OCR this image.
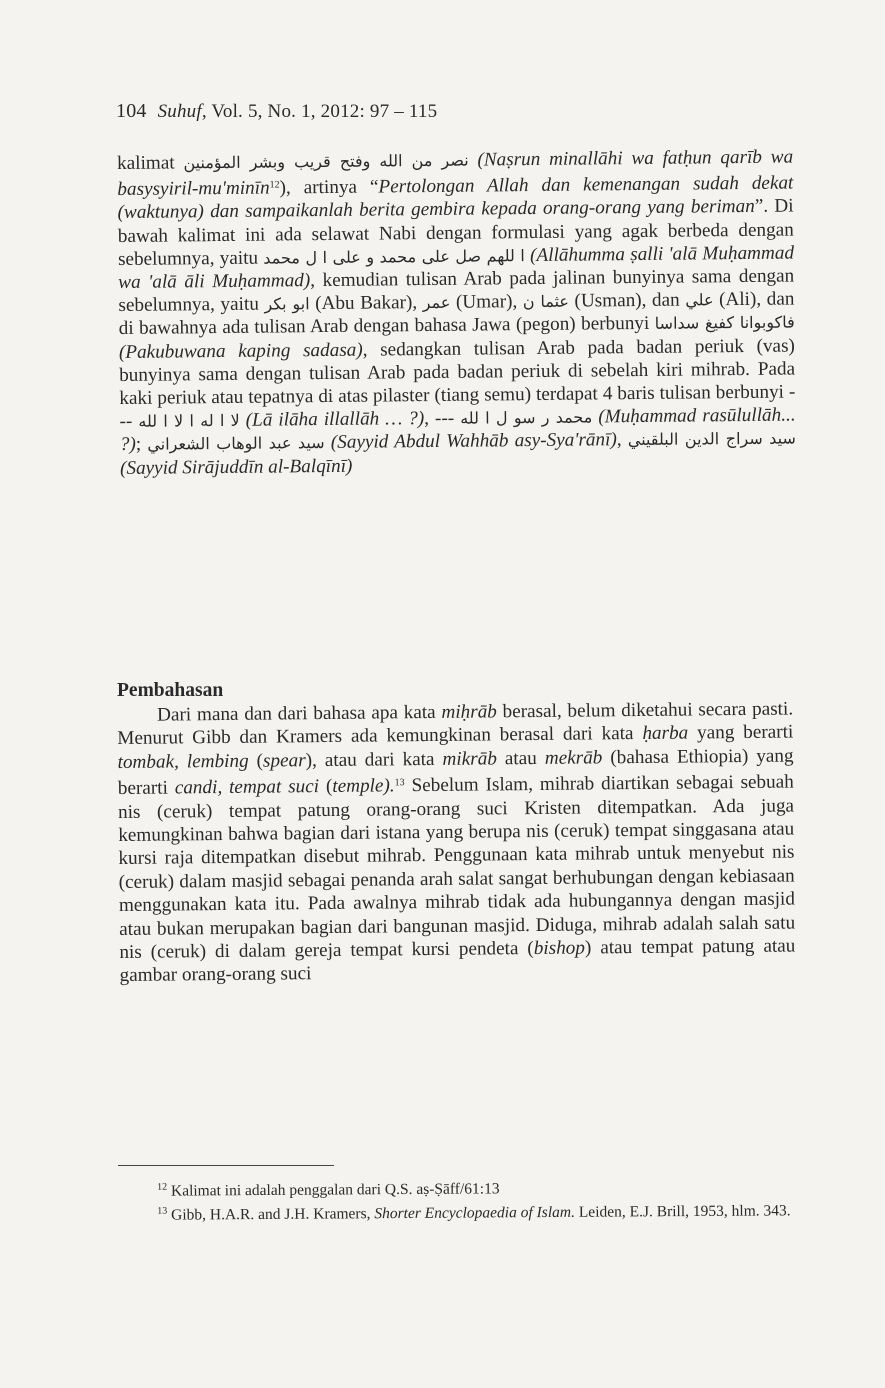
104 Suhuf, Vol. 5, No. 1, 2012: 97 – 115
kalimat نصر من الله وفتح قريب وبشر المؤمنين (Naṣrun minallāhi wa fatḥun qarīb wa basysyiril-mu'minīn$^{12}$), artinya “Pertolongan Allah dan kemenangan sudah dekat (waktunya) dan sampaikanlah berita gembira kepada orang-orang yang beriman”. Di bawah kalimat ini ada selawat Nabi dengan formulasi yang agak berbeda dengan sebelumnya, yaitu ا للهم صل على محمد و على ا ل محمد (Allāhumma ṣalli 'alā Muḥammad wa 'alā āli Muḥammad), kemudian tulisan Arab pada jalinan bunyinya sama dengan sebelumnya, yaitu ابو بكر (Abu Bakar), عمر (Umar), عثما ن (Usman), dan علي (Ali), dan di bawahnya ada tulisan Arab dengan bahasa Jawa (pegon) berbunyi فاكوبوانا كفيغ سداسا (Pakubuwana kaping sadasa), sedangkan tulisan Arab pada badan periuk (vas) bunyinya sama dengan tulisan Arab pada badan periuk di sebelah kiri mihrab. Pada kaki periuk atau tepatnya di atas pilaster (tiang semu) terdapat 4 baris tulisan berbunyi --- لا ا له ا لا ا لله (Lā ilāha illallāh … ?), --- محمد ر سو ل ا لله (Muḥammad rasūlullāh... ?); سيد عبد الوهاب الشعراني (Sayyid Abdul Wahhāb asy-Sya'rānī), سيد سراج الدين البلقيني (Sayyid Sirājuddīn al-Balqīnī)
Pembahasan
Dari mana dan dari bahasa apa kata miḥrāb berasal, belum diketahui secara pasti. Menurut Gibb dan Kramers ada kemungkinan berasal dari kata ḥarba yang berarti tombak, lembing (spear), atau dari kata mikrāb atau mekrāb (bahasa Ethiopia) yang berarti candi, tempat suci (temple).$^{13}$ Sebelum Islam, mihrab diartikan sebagai sebuah nis (ceruk) tempat patung orang-orang suci Kristen ditempatkan. Ada juga kemungkinan bahwa bagian dari istana yang berupa nis (ceruk) tempat singgasana atau kursi raja ditempatkan disebut mihrab. Penggunaan kata mihrab untuk menyebut nis (ceruk) dalam masjid sebagai penanda arah salat sangat berhubungan dengan kebiasaan menggunakan kata itu. Pada awalnya mihrab tidak ada hubungannya dengan masjid atau bukan merupakan bagian dari bangunan masjid. Diduga, mihrab adalah salah satu nis (ceruk) di dalam gereja tempat kursi pendeta (bishop) atau tempat patung atau gambar orang-orang suci

$^{12}$ Kalimat ini adalah penggalan dari Q.S. aṣ-Ṣāff/61:13

$^{13}$ Gibb, H.A.R. and J.H. Kramers, Shorter Encyclopaedia of Islam. Leiden, E.J. Brill, 1953, hlm. 343.
